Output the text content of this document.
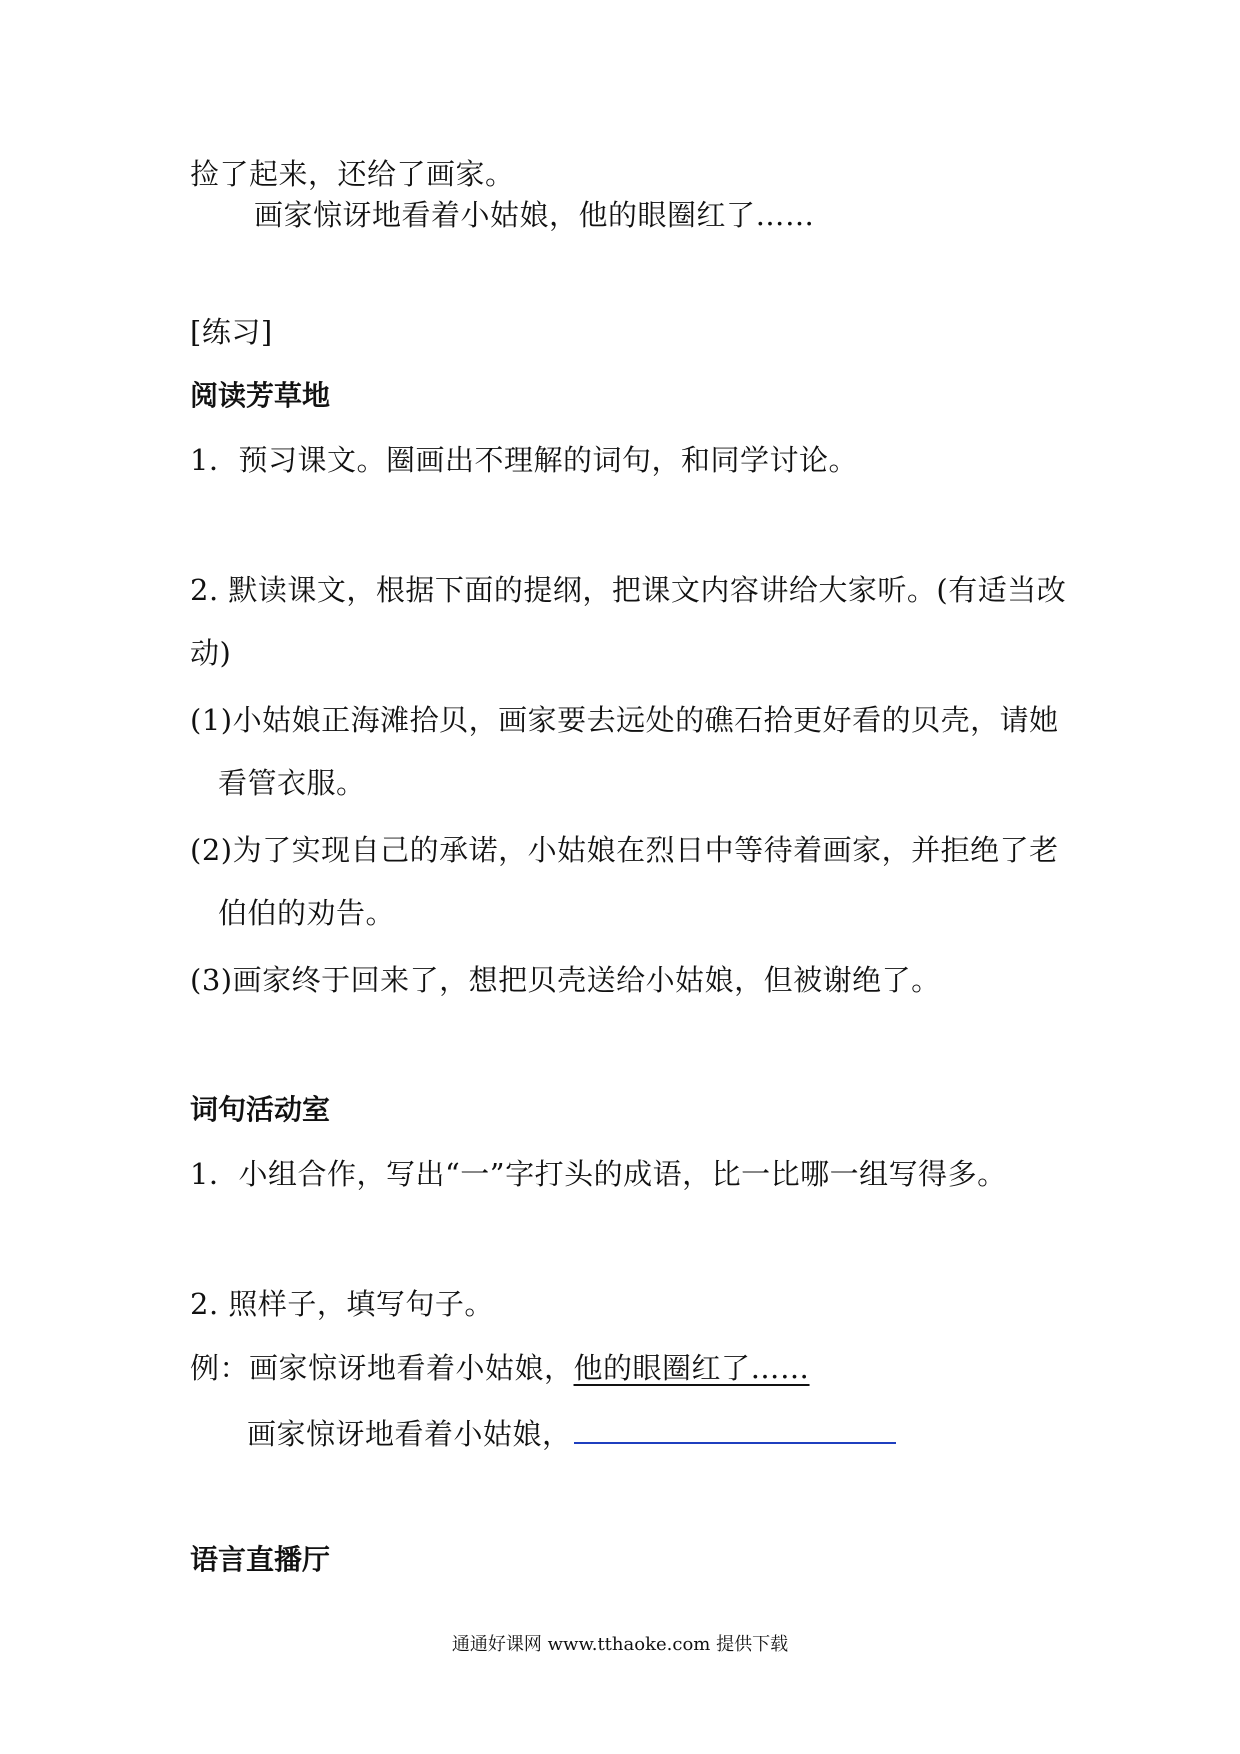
捡了起来，还给了画家。
画家惊讶地看着小姑娘，他的眼圈红了……
[练习]
阅读芳草地
1．预习课文。圈画出不理解的词句，和同学讨论。
2. 默读课文，根据下面的提纲，把课文内容讲给大家听。(有适当改
动)
(1)小姑娘正海滩拾贝，画家要去远处的礁石拾更好看的贝壳，请她
看管衣服。
(2)为了实现自己的承诺，小姑娘在烈日中等待着画家，并拒绝了老
伯伯的劝告。
(3)画家终于回来了，想把贝壳送给小姑娘，但被谢绝了。
词句活动室
1．小组合作，写出“一”字打头的成语，比一比哪一组写得多。
2. 照样子，填写句子。
例：画家惊讶地看着小姑娘，他的眼圈红了……
画家惊讶地看着小姑娘，
语言直播厅
通通好课网 www.tthaoke.com 提供下载
